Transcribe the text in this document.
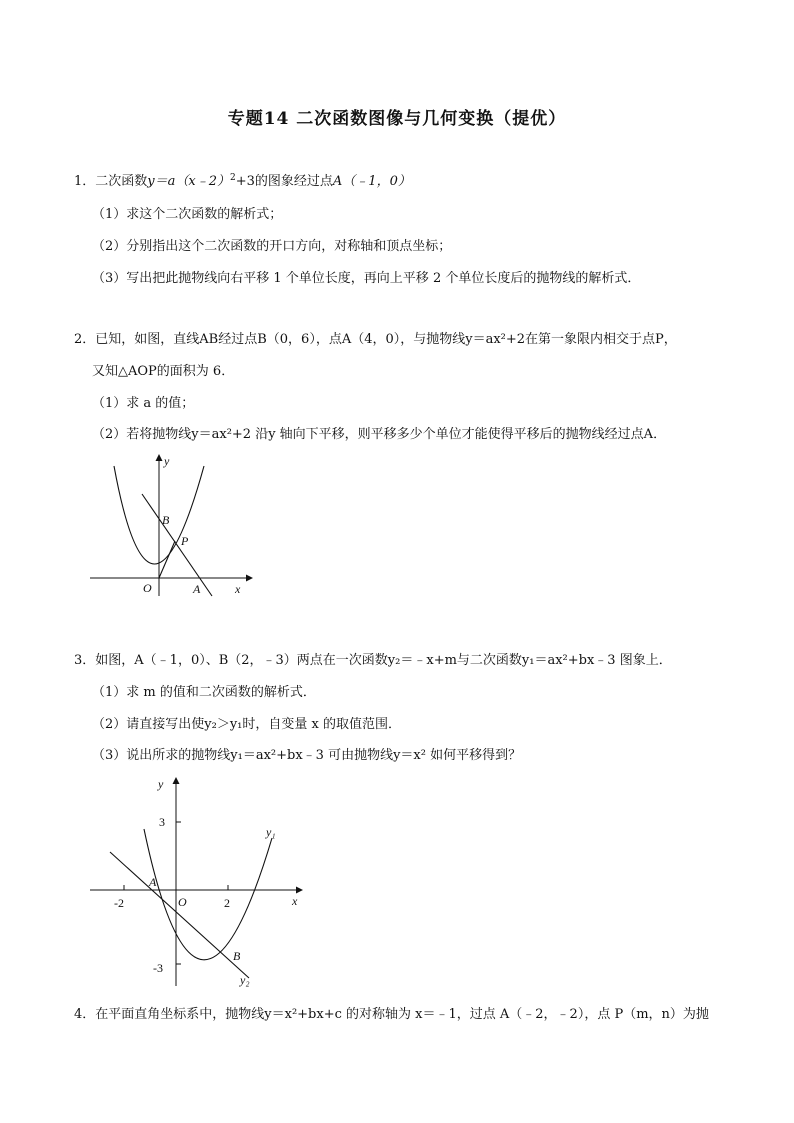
专题14 二次函数图像与几何变换（提优）
1．二次函数y＝a（x﹣2）$^2$+3的图象经过点A（﹣1，0）
（1）求这个二次函数的解析式；
（2）分别指出这个二次函数的开口方向，对称轴和顶点坐标；
（3）写出把此抛物线向右平移 1 个单位长度，再向上平移 2 个单位长度后的抛物线的解析式．
2．已知，如图，直线AB经过点B（0，6），点A（4，0），与抛物线y＝ax²+2在第一象限内相交于点P，
又知△AOP的面积为 6．
（1）求 a 的值；
（2）若将抛物线y＝ax²+2 沿y 轴向下平移，则平移多少个单位才能使得平移后的抛物线经过点A．
y
x
O	A
B
P
3．如图，A（﹣1，0）、B（2，﹣3）两点在一次函数y₂＝﹣x+m与二次函数y₁＝ax²+bx﹣3 图象上．
（1）求 m 的值和二次函数的解析式．
（2）请直接写出使y₂＞y₁时，自变量 x 的取值范围．
（3）说出所求的抛物线y₁＝ax²+bx﹣3 可由抛物线y＝x² 如何平移得到？
y
x
O
A
B
y₁
y₂
3
-3
-2	2
4．在平面直角坐标系中，抛物线y＝x²+bx+c 的对称轴为 x＝﹣1，过点 A（﹣2，﹣2），点 P（m，n）为抛
